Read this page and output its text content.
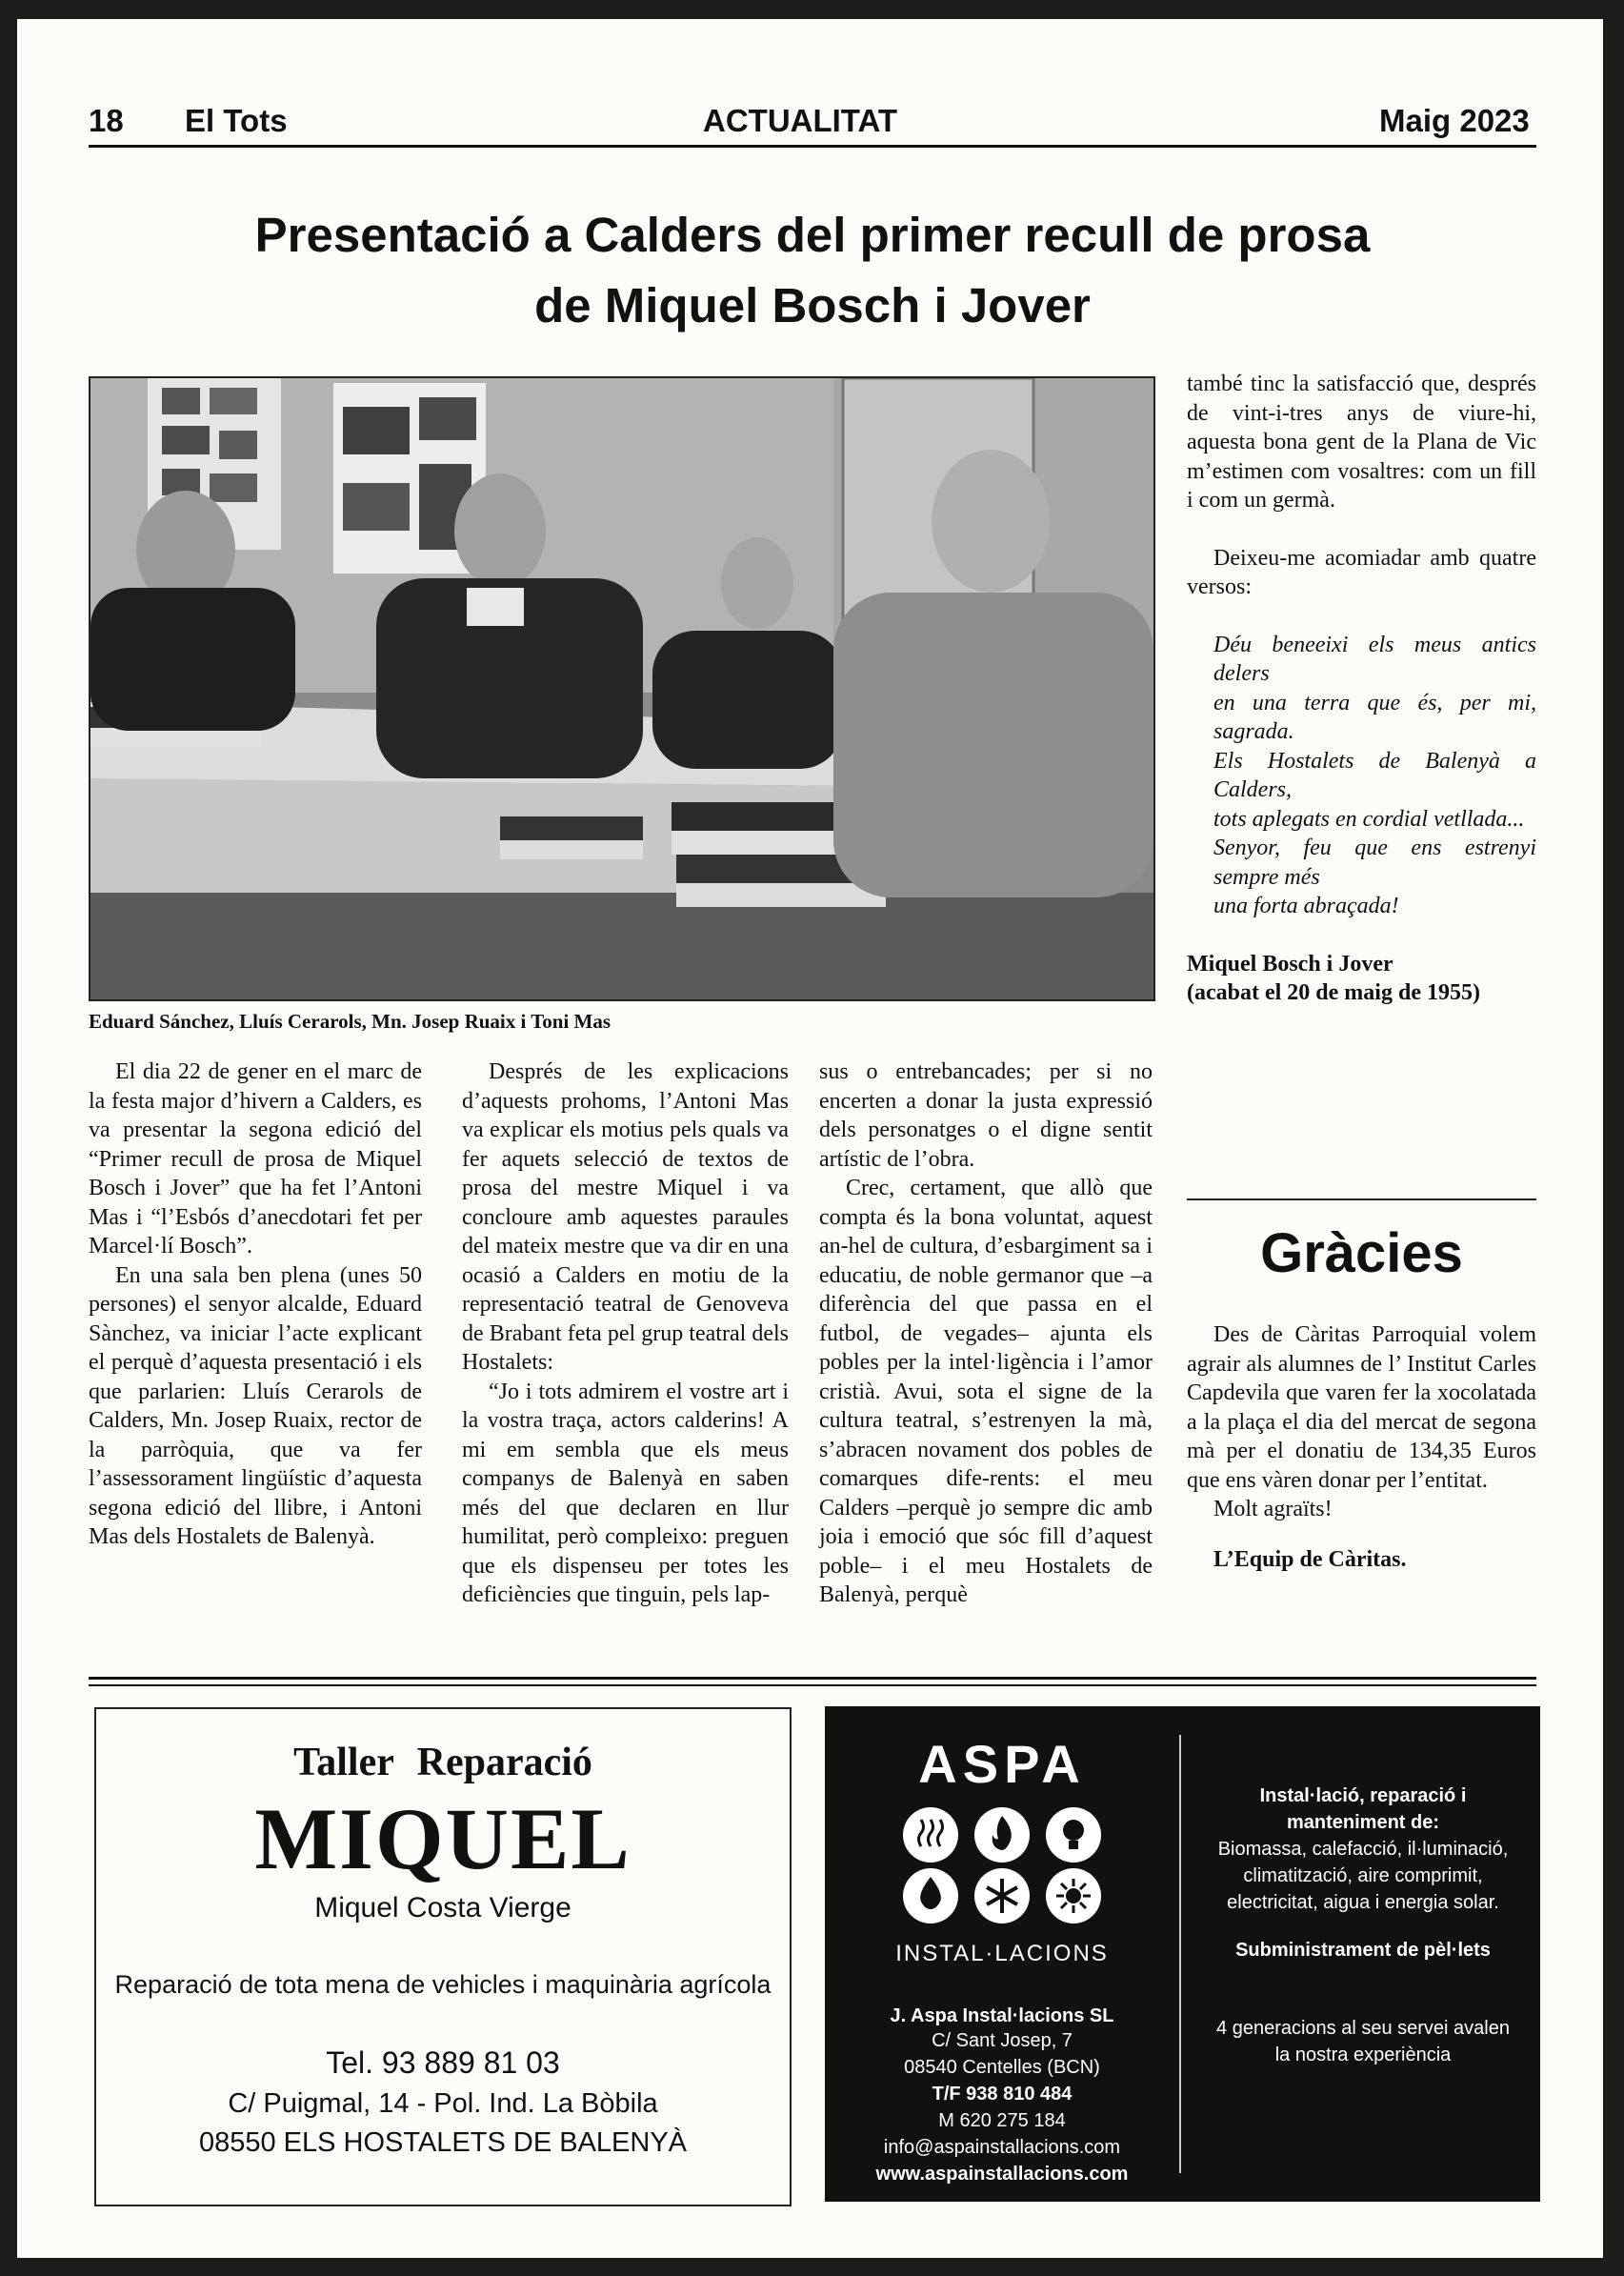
18 El Tots	ACTUALITAT	Maig 2023
Presentació a Calders del primer recull de prosa
de Miquel Bosch i Jover
Eduard Sánchez, Lluís Cerarols, Mn. Josep Ruaix i Toni Mas

El dia 22 de gener en el marc de la festa major d’hivern a Calders, es va presentar la segona edició del “Primer recull de prosa de Miquel Bosch i Jover” que ha fet l’Antoni Mas i “l’Esbós d’anecdotari fet per Marcel·lí Bosch”.

En una sala ben plena (unes 50 persones) el senyor alcalde, Eduard Sànchez, va iniciar l’acte explicant el perquè d’aquesta presentació i els que parlarien: Lluís Cerarols de Calders, Mn. Josep Ruaix, rector de la parròquia, que va fer l’assessorament lingüístic d’aquesta segona edició del llibre, i Antoni Mas dels Hostalets de Balenyà.

Després de les explicacions d’aquests prohoms, l’Antoni Mas va explicar els motius pels quals va fer aquets selecció de textos de prosa del mestre Miquel i va concloure amb aquestes paraules del mateix mestre que va dir en una ocasió a Calders en motiu de la representació teatral de Genoveva de Brabant feta pel grup teatral dels Hostalets:

“Jo i tots admirem el vostre art i la vostra traça, actors calderins! A mi em sembla que els meus companys de Balenyà en saben més del que declaren en llur humilitat, però compleixo: preguen que els dispenseu per totes les deficiències que tinguin, pels lap-

sus o entrebancades; per si no encerten a donar la justa expressió dels personatges o el digne sentit artístic de l’obra.

Crec, certament, que allò que compta és la bona voluntat, aquest an-hel de cultura, d’esbargiment sa i educatiu, de noble germanor que –a diferència del que passa en el futbol, de vegades– ajunta els pobles per la intel·ligència i l’amor cristià. Avui, sota el signe de la cultura teatral, s’estrenyen la mà, s’abracen novament dos pobles de comarques dife-rents: el meu Calders –perquè jo sempre dic amb joia i emoció que sóc fill d’aquest poble– i el meu Hostalets de Balenyà, perquè

també tinc la satisfacció que, després de vint-i-tres anys de viure-hi, aquesta bona gent de la Plana de Vic m’estimen com vosaltres: com un fill i com un germà.

Deixeu-me acomiadar amb quatre versos:

Déu beneeixi els meus antics delers

en una terra que és, per mi, sagrada.

Els Hostalets de Balenyà a Calders,

tots aplegats en cordial vetllada...

Senyor, feu que ens estrenyi sempre més

una forta abraçada!

Miquel Bosch i Jover

(acabat el 20 de maig de 1955)

Gràcies

Des de Càritas Parroquial volem agrair als alumnes de l’ Institut Carles Capdevila que varen fer la xocolatada a la plaça el dia del mercat de segona mà per el donatiu de 134,35 Euros que ens vàren donar per l’entitat.

Molt agraïts!

L’Equip de Càritas.

Taller Reparació
MIQUEL
Miquel Costa Vierge
Reparació de tota mena de vehicles i maquinària agrícola
Tel. 93 889 81 03
C/ Puigmal, 14 - Pol. Ind. La Bòbila
08550 ELS HOSTALETS DE BALENYÀ
ASPA
INSTAL·LACIONS
J. Aspa Instal·lacions SL
C/ Sant Josep, 7
08540 Centelles (BCN)
T/F 938 810 484
M 620 275 184
info@aspainstallacions.com
www.aspainstallacions.com
Instal·lació, reparació i manteniment de:
Biomassa, calefacció, il·luminació, climatització, aire comprimit, electricitat, aigua i energia solar.
Subministrament de pèl·lets
4 generacions al seu servei avalen la nostra experiència
